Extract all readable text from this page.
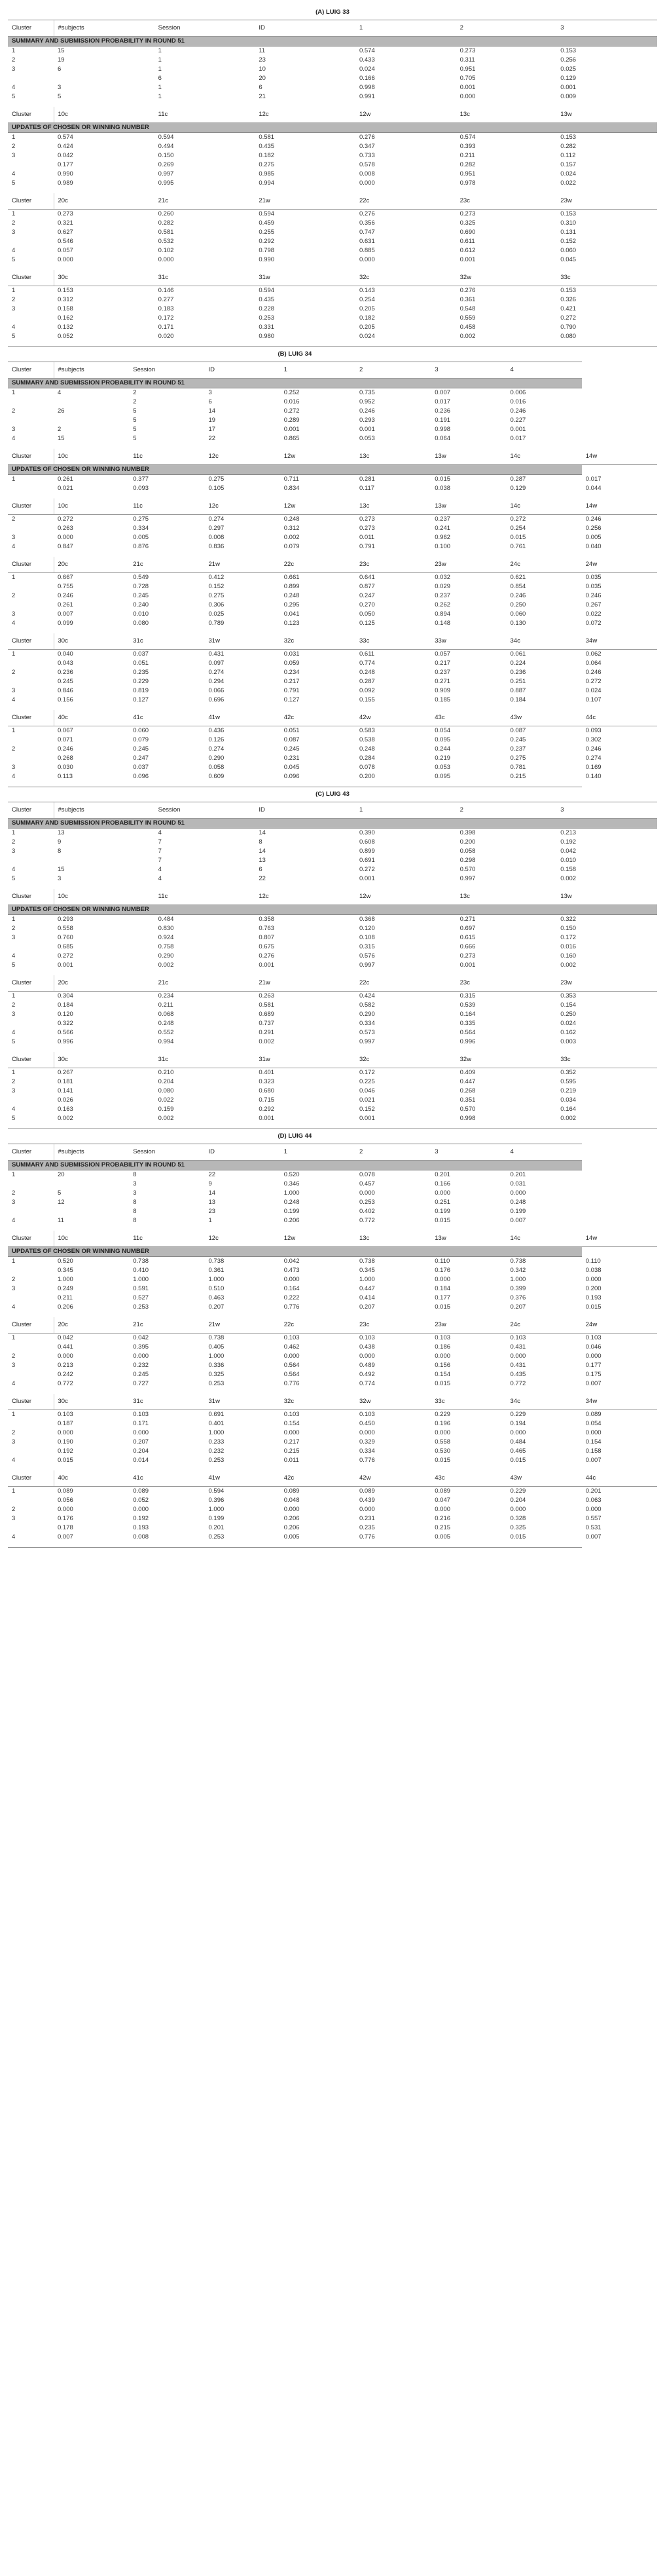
(A) LUIG 33						
Cluster	#subjects	Session	ID	1	2	3
SUMMARY AND SUBMISSION PROBABILITY IN ROUND 51						
1	15	1	11	0.574	0.273	0.153
2	19	1	23	0.433	0.311	0.256
3	6	1	10	0.024	0.951	0.025
		6	20	0.166	0.705	0.129
4	3	1	6	0.998	0.001	0.001
5	5	1	21	0.991	0.000	0.009

Cluster	10c	11c	12c	12w	13c	13w
UPDATES OF CHOSEN OR WINNING NUMBER						
1	0.574	0.594	0.581	0.276	0.574	0.153
2	0.424	0.494	0.435	0.347	0.393	0.282
3	0.042	0.150	0.182	0.733	0.211	0.112
	0.177	0.269	0.275	0.578	0.282	0.157
4	0.990	0.997	0.985	0.008	0.951	0.024
5	0.989	0.995	0.994	0.000	0.978	0.022

Cluster	20c	21c	21w	22c	23c	23w
1	0.273	0.260	0.594	0.276	0.273	0.153
2	0.321	0.282	0.459	0.356	0.325	0.310
3	0.627	0.581	0.255	0.747	0.690	0.131
	0.546	0.532	0.292	0.631	0.611	0.152
4	0.057	0.102	0.798	0.885	0.612	0.060
5	0.000	0.000	0.990	0.000	0.001	0.045

Cluster	30c	31c	31w	32c	32w	33c
1	0.153	0.146	0.594	0.143	0.276	0.153
2	0.312	0.277	0.435	0.254	0.361	0.326
3	0.158	0.183	0.228	0.205	0.548	0.421
	0.162	0.172	0.253	0.182	0.559	0.272
4	0.132	0.171	0.331	0.205	0.458	0.790
5	0.052	0.020	0.980	0.024	0.002	0.080

(B) LUIG 34								
Cluster	#subjects	Session	ID	1	2	3	4	
SUMMARY AND SUBMISSION PROBABILITY IN ROUND 51								
1	4	2	3	0.252	0.735	0.007	0.006	
		2	6	0.016	0.952	0.017	0.016	
2	26	5	14	0.272	0.246	0.236	0.246	
		5	19	0.289	0.293	0.191	0.227	
3	2	5	17	0.001	0.001	0.998	0.001	
4	15	5	22	0.865	0.053	0.064	0.017	

Cluster	10c	11c	12c	12w	13c	13w	14c	14w
UPDATES OF CHOSEN OR WINNING NUMBER								
1	0.261	0.377	0.275	0.711	0.281	0.015	0.287	0.017
	0.021	0.093	0.105	0.834	0.117	0.038	0.129	0.044

Cluster	10c	11c	12c	12w	13c	13w	14c	14w
2	0.272	0.275	0.274	0.248	0.273	0.237	0.272	0.246
	0.263	0.334	0.297	0.312	0.273	0.241	0.254	0.256
3	0.000	0.005	0.008	0.002	0.011	0.962	0.015	0.005
4	0.847	0.876	0.836	0.079	0.791	0.100	0.761	0.040

Cluster	20c	21c	21w	22c	23c	23w	24c	24w
1	0.667	0.549	0.412	0.661	0.641	0.032	0.621	0.035
	0.755	0.728	0.152	0.899	0.877	0.029	0.854	0.035
2	0.246	0.245	0.275	0.248	0.247	0.237	0.246	0.246
	0.261	0.240	0.306	0.295	0.270	0.262	0.250	0.267
3	0.007	0.010	0.025	0.041	0.050	0.894	0.060	0.022
4	0.099	0.080	0.789	0.123	0.125	0.148	0.130	0.072

Cluster	30c	31c	31w	32c	33c	33w	34c	34w
1	0.040	0.037	0.431	0.031	0.611	0.057	0.061	0.062
	0.043	0.051	0.097	0.059	0.774	0.217	0.224	0.064
2	0.236	0.235	0.274	0.234	0.248	0.237	0.236	0.246
	0.245	0.229	0.294	0.217	0.287	0.271	0.251	0.272
3	0.846	0.819	0.066	0.791	0.092	0.909	0.887	0.024
4	0.156	0.127	0.696	0.127	0.155	0.185	0.184	0.107

Cluster	40c	41c	41w	42c	42w	43c	43w	44c
1	0.067	0.060	0.436	0.051	0.583	0.054	0.087	0.093
	0.071	0.079	0.126	0.087	0.538	0.095	0.245	0.302
2	0.246	0.245	0.274	0.245	0.248	0.244	0.237	0.246
	0.268	0.247	0.290	0.231	0.284	0.219	0.275	0.274
3	0.030	0.037	0.058	0.045	0.078	0.053	0.781	0.169
4	0.113	0.096	0.609	0.096	0.200	0.095	0.215	0.140

(C) LUIG 43						
Cluster	#subjects	Session	ID	1	2	3
SUMMARY AND SUBMISSION PROBABILITY IN ROUND 51						
1	13	4	14	0.390	0.398	0.213
2	9	7	8	0.608	0.200	0.192
3	8	7	14	0.899	0.058	0.042
		7	13	0.691	0.298	0.010
4	15	4	6	0.272	0.570	0.158
5	3	4	22	0.001	0.997	0.002

Cluster	10c	11c	12c	12w	13c	13w
UPDATES OF CHOSEN OR WINNING NUMBER						
1	0.293	0.484	0.358	0.368	0.271	0.322
2	0.558	0.830	0.763	0.120	0.697	0.150
3	0.760	0.924	0.807	0.108	0.615	0.172
	0.685	0.758	0.675	0.315	0.666	0.016
4	0.272	0.290	0.276	0.576	0.273	0.160
5	0.001	0.002	0.001	0.997	0.001	0.002

Cluster	20c	21c	21w	22c	23c	23w
1	0.304	0.234	0.263	0.424	0.315	0.353
2	0.184	0.211	0.581	0.582	0.539	0.154
3	0.120	0.068	0.689	0.290	0.164	0.250
	0.322	0.248	0.737	0.334	0.335	0.024
4	0.566	0.552	0.291	0.573	0.564	0.162
5	0.996	0.994	0.002	0.997	0.996	0.003

Cluster	30c	31c	31w	32c	32w	33c
1	0.267	0.210	0.401	0.172	0.409	0.352
2	0.181	0.204	0.323	0.225	0.447	0.595
3	0.141	0.080	0.680	0.046	0.268	0.219
	0.026	0.022	0.715	0.021	0.351	0.034
4	0.163	0.159	0.292	0.152	0.570	0.164
5	0.002	0.002	0.001	0.001	0.998	0.002

(D) LUIG 44								
Cluster	#subjects	Session	ID	1	2	3	4	
SUMMARY AND SUBMISSION PROBABILITY IN ROUND 51								
1	20	8	22	0.520	0.078	0.201	0.201	
		3	9	0.346	0.457	0.166	0.031	
2	5	3	14	1.000	0.000	0.000	0.000	
3	12	8	13	0.248	0.253	0.251	0.248	
		8	23	0.199	0.402	0.199	0.199	
4	11	8	1	0.206	0.772	0.015	0.007	

Cluster	10c	11c	12c	12w	13c	13w	14c	14w
UPDATES OF CHOSEN OR WINNING NUMBER								
1	0.520	0.738	0.738	0.042	0.738	0.110	0.738	0.110
	0.345	0.410	0.361	0.473	0.345	0.176	0.342	0.038
2	1.000	1.000	1.000	0.000	1.000	0.000	1.000	0.000
3	0.249	0.591	0.510	0.164	0.447	0.184	0.399	0.200
	0.211	0.527	0.463	0.222	0.414	0.177	0.376	0.193
4	0.206	0.253	0.207	0.776	0.207	0.015	0.207	0.015

Cluster	20c	21c	21w	22c	23c	23w	24c	24w
1	0.042	0.042	0.738	0.103	0.103	0.103	0.103	0.103
	0.441	0.395	0.405	0.462	0.438	0.186	0.431	0.046
2	0.000	0.000	1.000	0.000	0.000	0.000	0.000	0.000
3	0.213	0.232	0.336	0.564	0.489	0.156	0.431	0.177
	0.242	0.245	0.325	0.564	0.492	0.154	0.435	0.175
4	0.772	0.727	0.253	0.776	0.774	0.015	0.772	0.007

Cluster	30c	31c	31w	32c	32w	33c	34c	34w
1	0.103	0.103	0.691	0.103	0.103	0.229	0.229	0.089
	0.187	0.171	0.401	0.154	0.450	0.196	0.194	0.054
2	0.000	0.000	1.000	0.000	0.000	0.000	0.000	0.000
3	0.190	0.207	0.233	0.217	0.329	0.558	0.484	0.154
	0.192	0.204	0.232	0.215	0.334	0.530	0.465	0.158
4	0.015	0.014	0.253	0.011	0.776	0.015	0.015	0.007

Cluster	40c	41c	41w	42c	42w	43c	43w	44c
1	0.089	0.089	0.594	0.089	0.089	0.089	0.229	0.201
	0.056	0.052	0.396	0.048	0.439	0.047	0.204	0.063
2	0.000	0.000	1.000	0.000	0.000	0.000	0.000	0.000
3	0.176	0.192	0.199	0.206	0.231	0.216	0.328	0.557
	0.178	0.193	0.201	0.206	0.235	0.215	0.325	0.531
4	0.007	0.008	0.253	0.005	0.776	0.005	0.015	0.007
